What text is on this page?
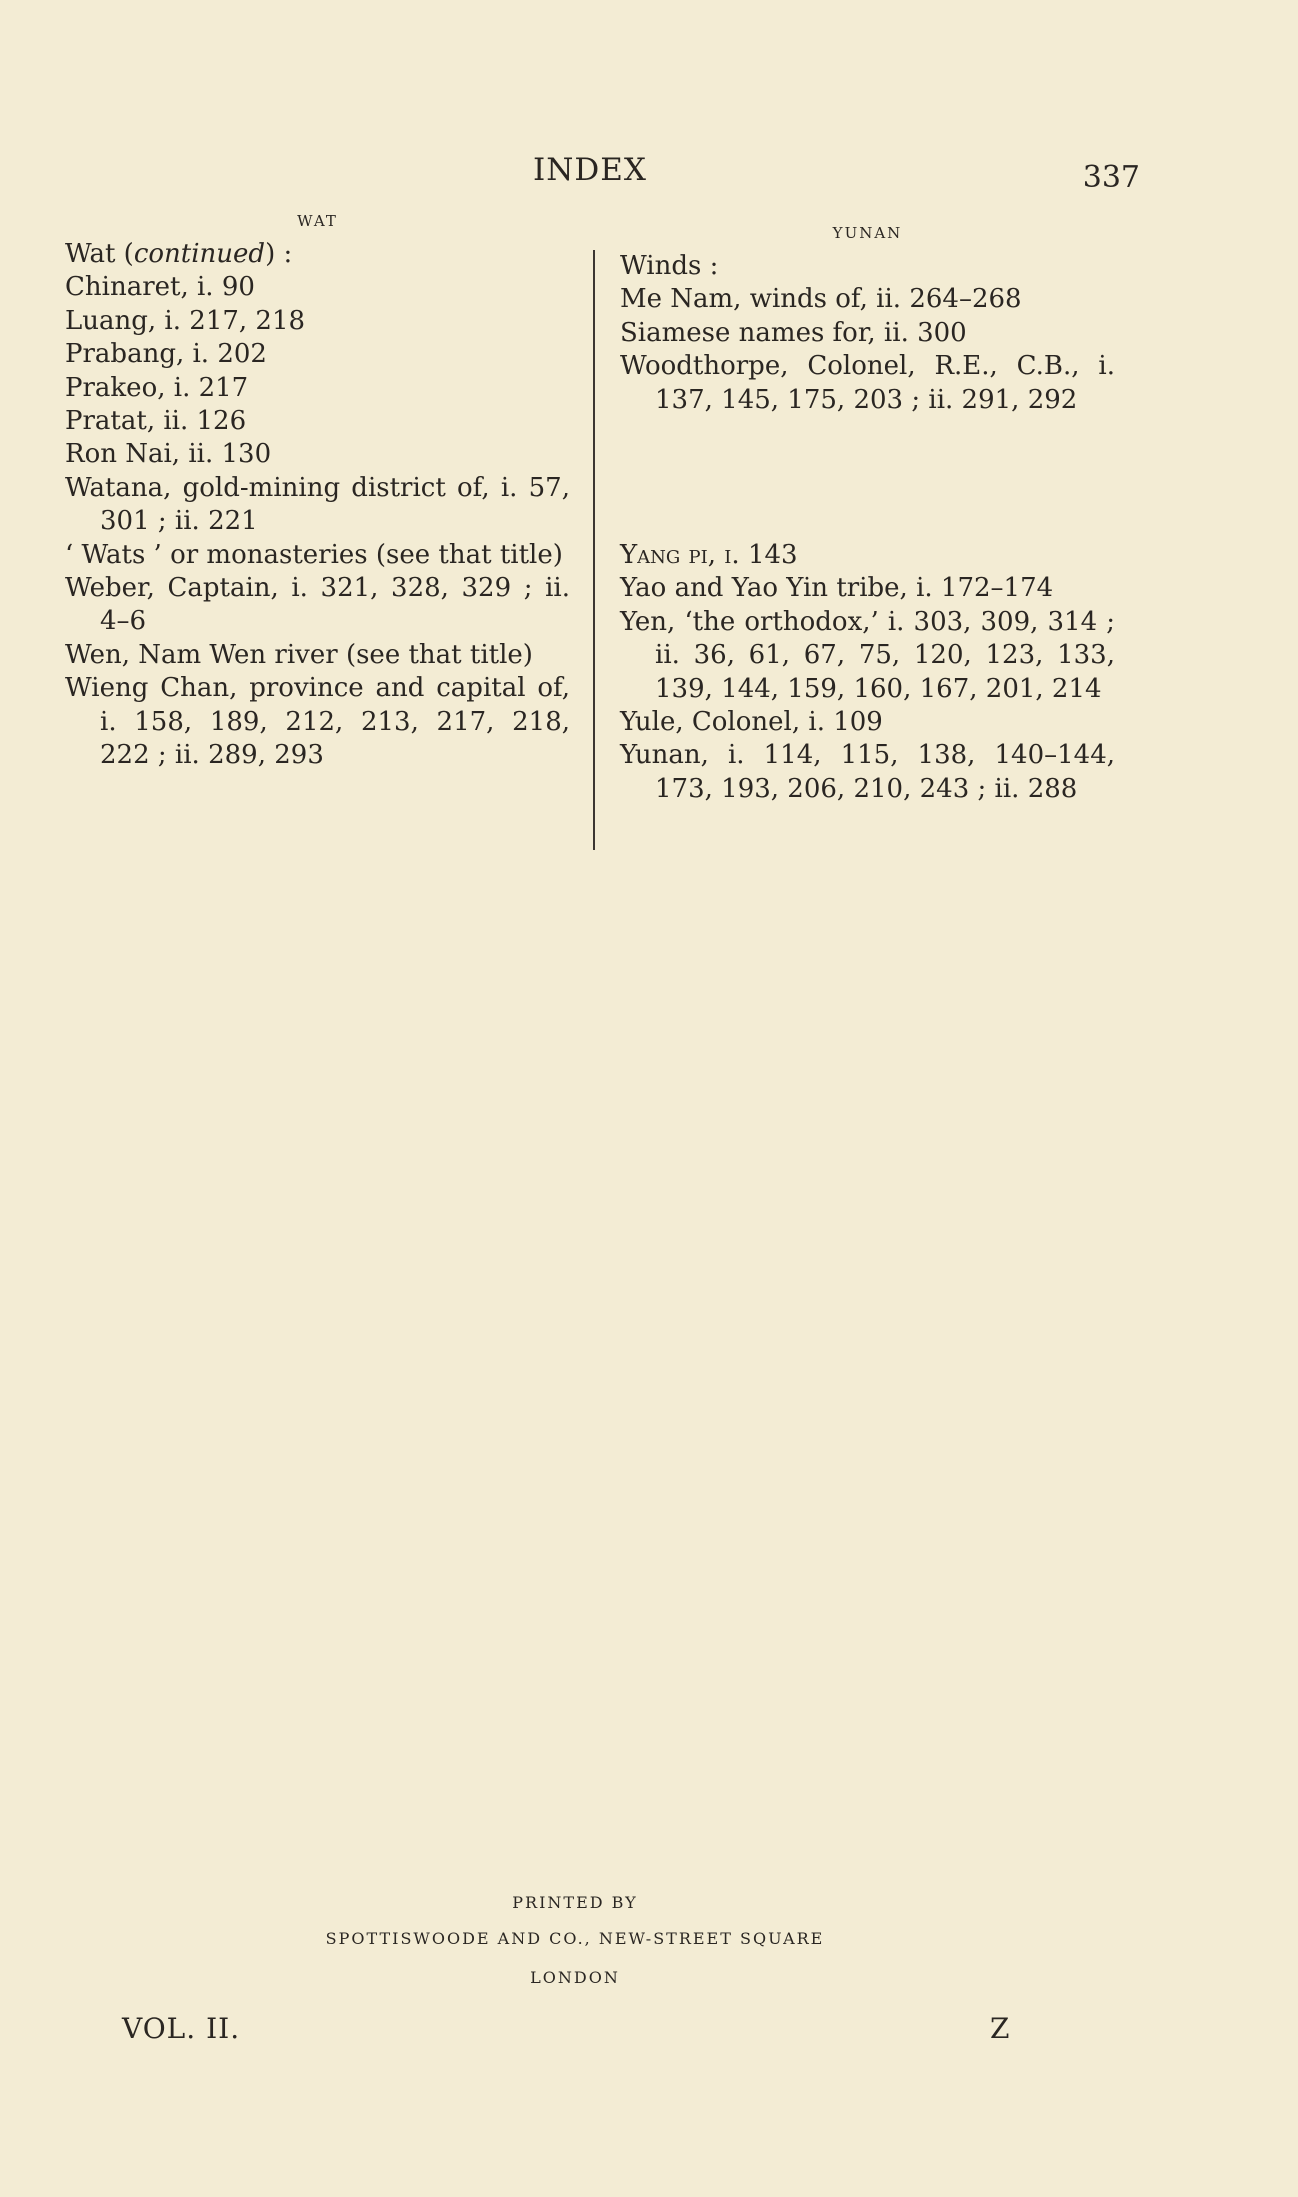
INDEX	337
WAT
Wat (continued) :
Chinaret, i. 90
Luang, i. 217, 218
Prabang, i. 202
Prakeo, i. 217
Pratat, ii. 126
Ron Nai, ii. 130
Watana, gold-mining district of, i. 57, 301 ; ii. 221
‘ Wats ’ or monasteries (see that title)
Weber, Captain, i. 321, 328, 329 ; ii. 4–6
Wen, Nam Wen river (see that title)
Wieng Chan, province and capital of, i. 158, 189, 212, 213, 217, 218, 222 ; ii. 289, 293
YUNAN
Winds :
Me Nam, winds of, ii. 264–268
Siamese names for, ii. 300
Woodthorpe, Colonel, R.E., C.B., i. 137, 145, 175, 203 ; ii. 291, 292
Yang pi, i. 143
Yao and Yao Yin tribe, i. 172–174
Yen, ‘the orthodox,’ i. 303, 309, 314 ; ii. 36, 61, 67, 75, 120, 123, 133, 139, 144, 159, 160, 167, 201, 214
Yule, Colonel, i. 109
Yunan, i. 114, 115, 138, 140–144, 173, 193, 206, 210, 243 ; ii. 288
PRINTED BY
SPOTTISWOODE AND CO., NEW-STREET SQUARE
LONDON
VOL. II.	Z
